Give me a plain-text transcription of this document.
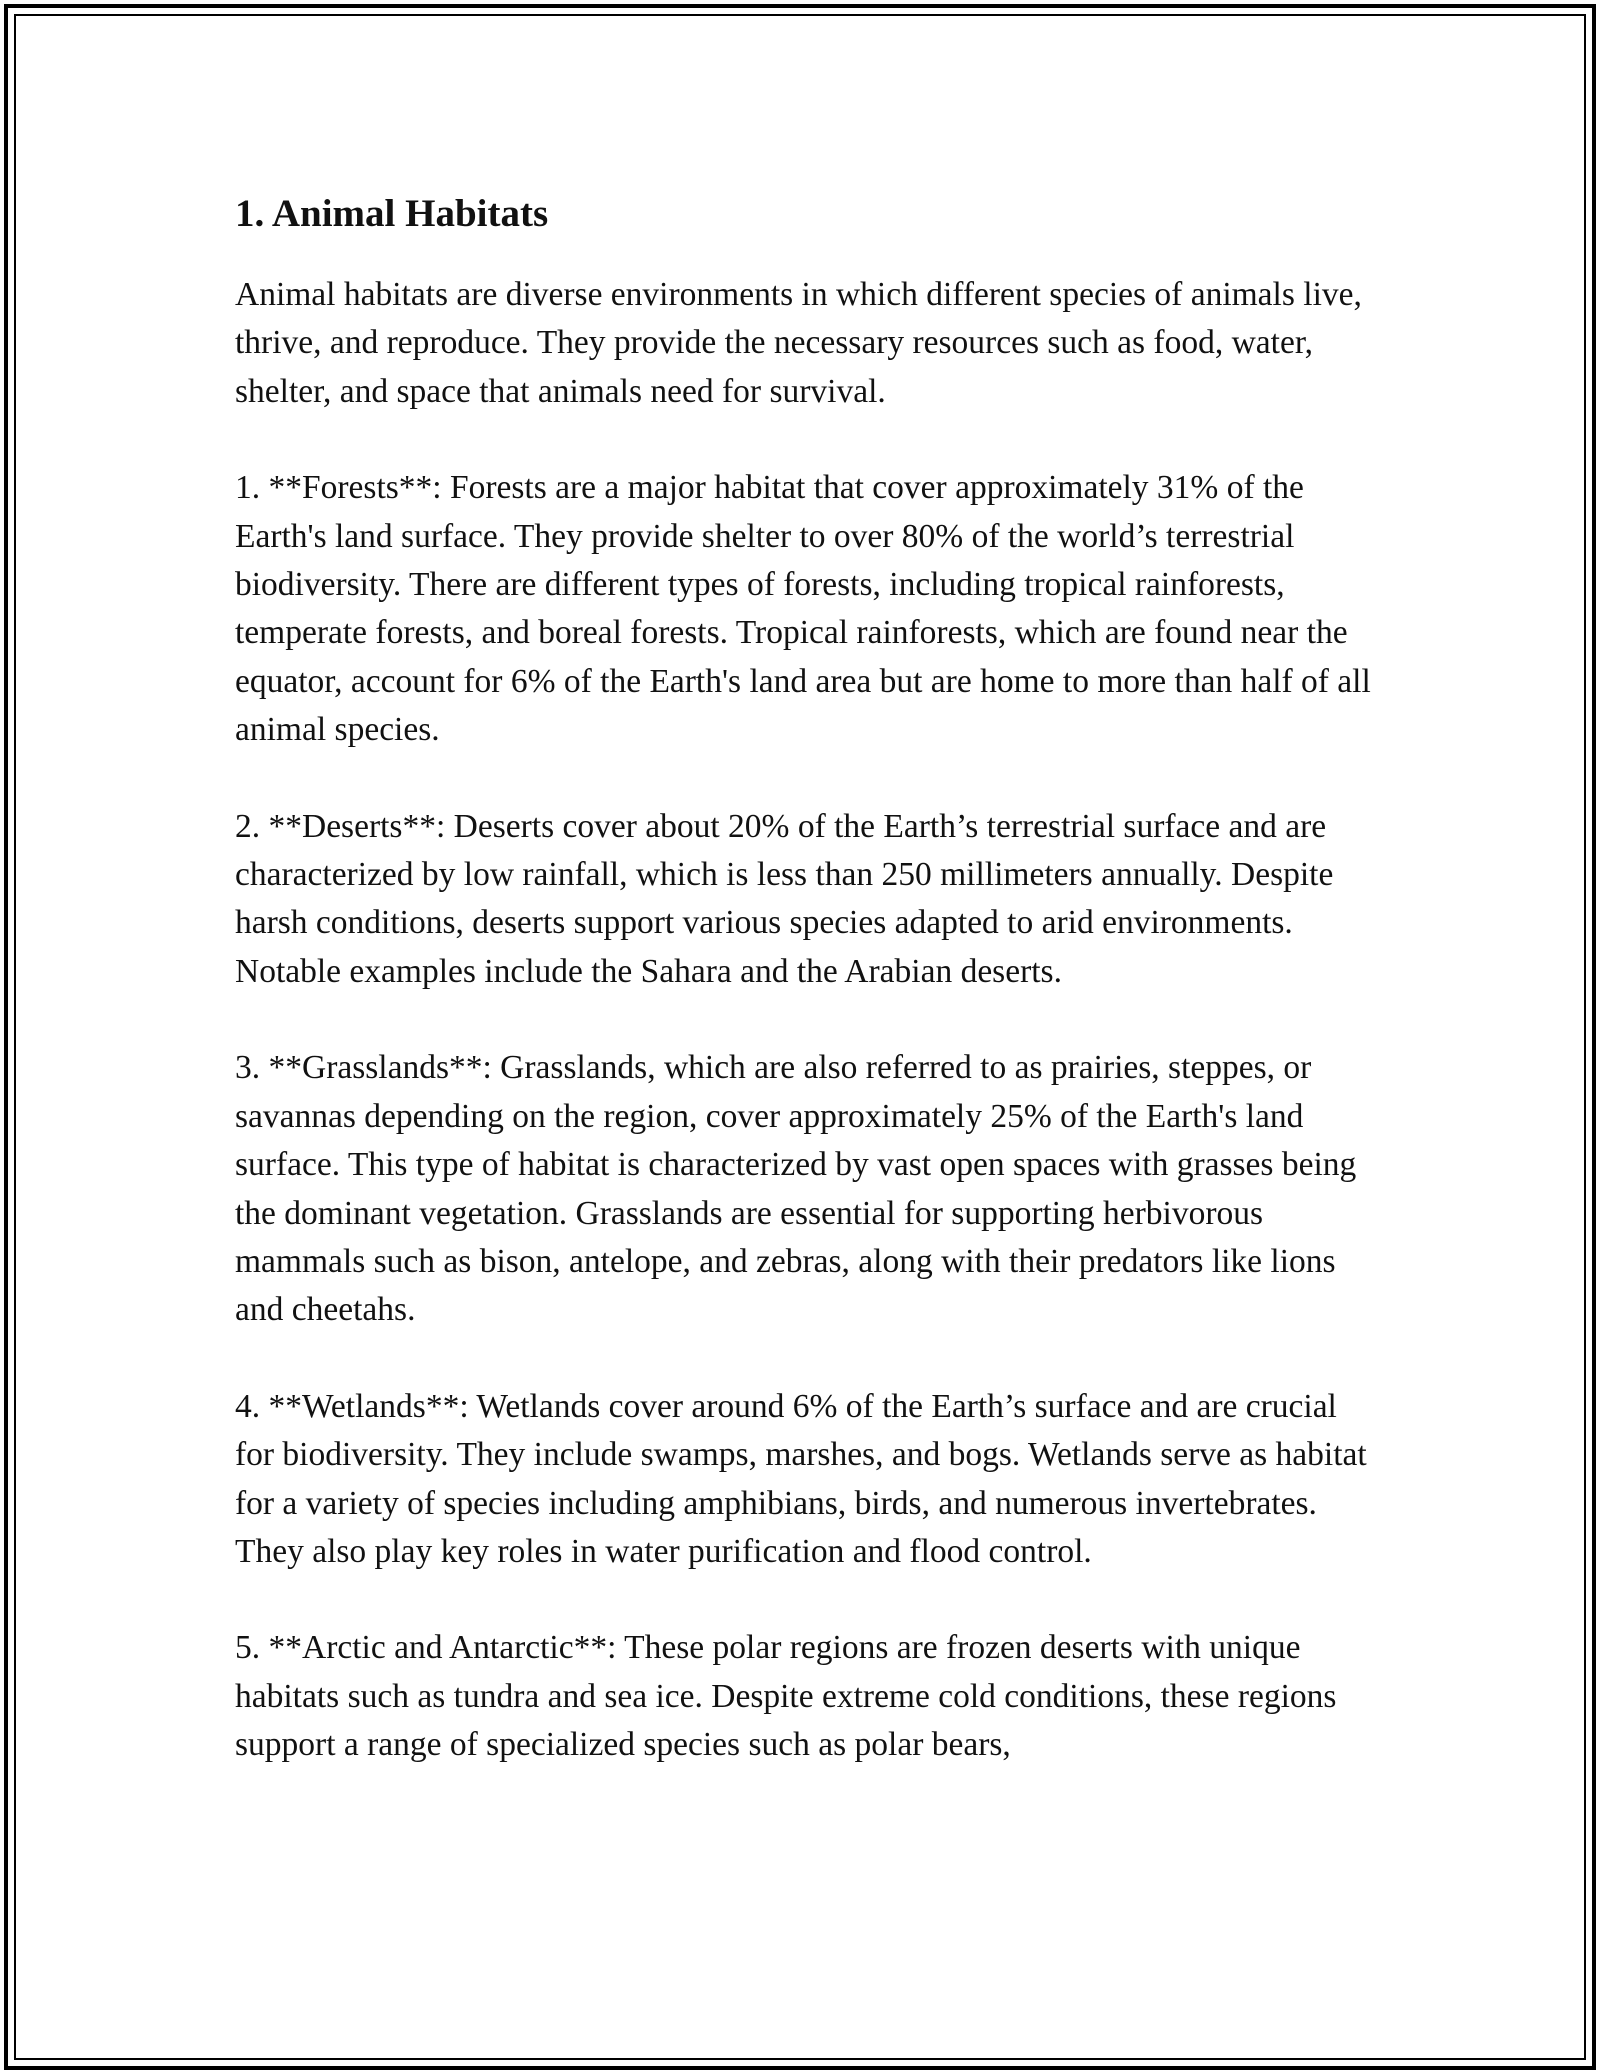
1. Animal Habitats

Animal habitats are diverse environments in which different species of animals live, thrive, and reproduce. They provide the necessary resources such as food, water, shelter, and space that animals need for survival.

1. **Forests**: Forests are a major habitat that cover approximately 31% of the Earth's land surface. They provide shelter to over 80% of the world’s terrestrial biodiversity. There are different types of forests, including tropical rainforests, temperate forests, and boreal forests. Tropical rainforests, which are found near the equator, account for 6% of the Earth's land area but are home to more than half of all animal species.

2. **Deserts**: Deserts cover about 20% of the Earth’s terrestrial surface and are characterized by low rainfall, which is less than 250 millimeters annually. Despite harsh conditions, deserts support various species adapted to arid environments. Notable examples include the Sahara and the Arabian deserts.

3. **Grasslands**: Grasslands, which are also referred to as prairies, steppes, or savannas depending on the region, cover approximately 25% of the Earth's land surface. This type of habitat is characterized by vast open spaces with grasses being the dominant vegetation. Grasslands are essential for supporting herbivorous mammals such as bison, antelope, and zebras, along with their predators like lions and cheetahs.

4. **Wetlands**: Wetlands cover around 6% of the Earth’s surface and are crucial for biodiversity. They include swamps, marshes, and bogs. Wetlands serve as habitat for a variety of species including amphibians, birds, and numerous invertebrates. They also play key roles in water purification and flood control.

5. **Arctic and Antarctic**: These polar regions are frozen deserts with unique habitats such as tundra and sea ice. Despite extreme cold conditions, these regions support a range of specialized species such as polar bears,
